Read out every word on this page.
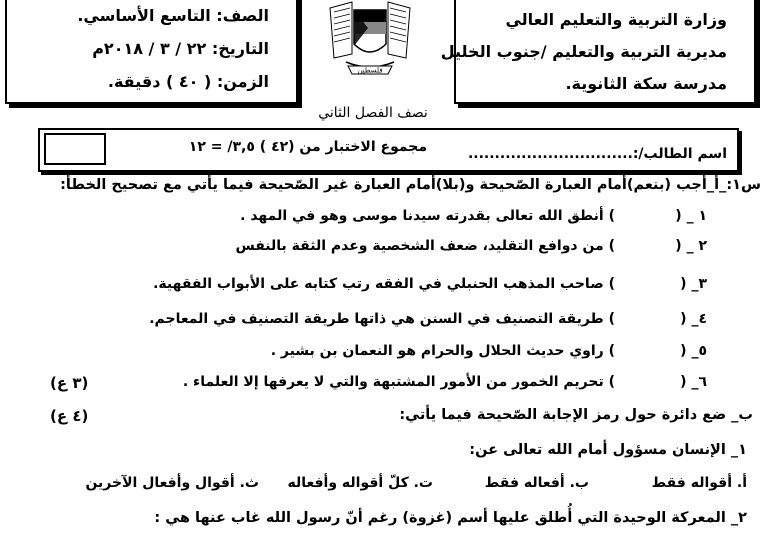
وزارة التربية والتعليم العالي
مديرية التربية والتعليم /جنوب الخليل
مدرسة سكة الثانوية.
الصف: التاسع الأساسي.
التاريخ: ٢٢ / ٣ / ٢٠١٨م
الزمن: ( ٤٠ ) دقيقة.
فلسطين
نصف الفصل الثاني
اسم الطالب/:...............................
مجموع الاختبار من (٤٢ ) ٣,٥/ = ١٢
س١:_أ_أجب (بنعم)أمام العبارة الصّحيحة و(بلا)أمام العبارة غير الصّحيحة فيما يأتي مع تصحيح الخطأ:
١ _ (
) أنطق الله تعالى بقدرته سيدنا موسى وهو في المهد .
٢ _ (
) من دوافع التقليد، ضعف الشخصية وعدم الثقة بالنفس
٣_ (
) صاحب المذهب الحنبلي في الفقه رتب كتابه على الأبواب الفقهية.
٤_ (
) طريقة التصنيف في السنن هي ذاتها طريقة التصنيف في المعاجم.
٥_ (
) راوي حديث الحلال والحرام هو النعمان بن بشير .
٦_ (
) تحريم الخمور من الأمور المشتبهة والتي لا يعرفها إلا العلماء .
(٣ ع)
ب_ ضع دائرة حول رمز الإجابة الصّحيحة فيما يأتي:
(٤ ع)
١_ الإنسان مسؤول أمام الله تعالى عن:
أ. أقواله فقط
ب. أفعاله فقط
ت. كلّ أقواله وأفعاله
ث. أقوال وأفعال الآخرين
٢_ المعركة الوحيدة التي أُطلق عليها أسم (غزوة) رغم أنّ رسول الله غاب عنها هي :
